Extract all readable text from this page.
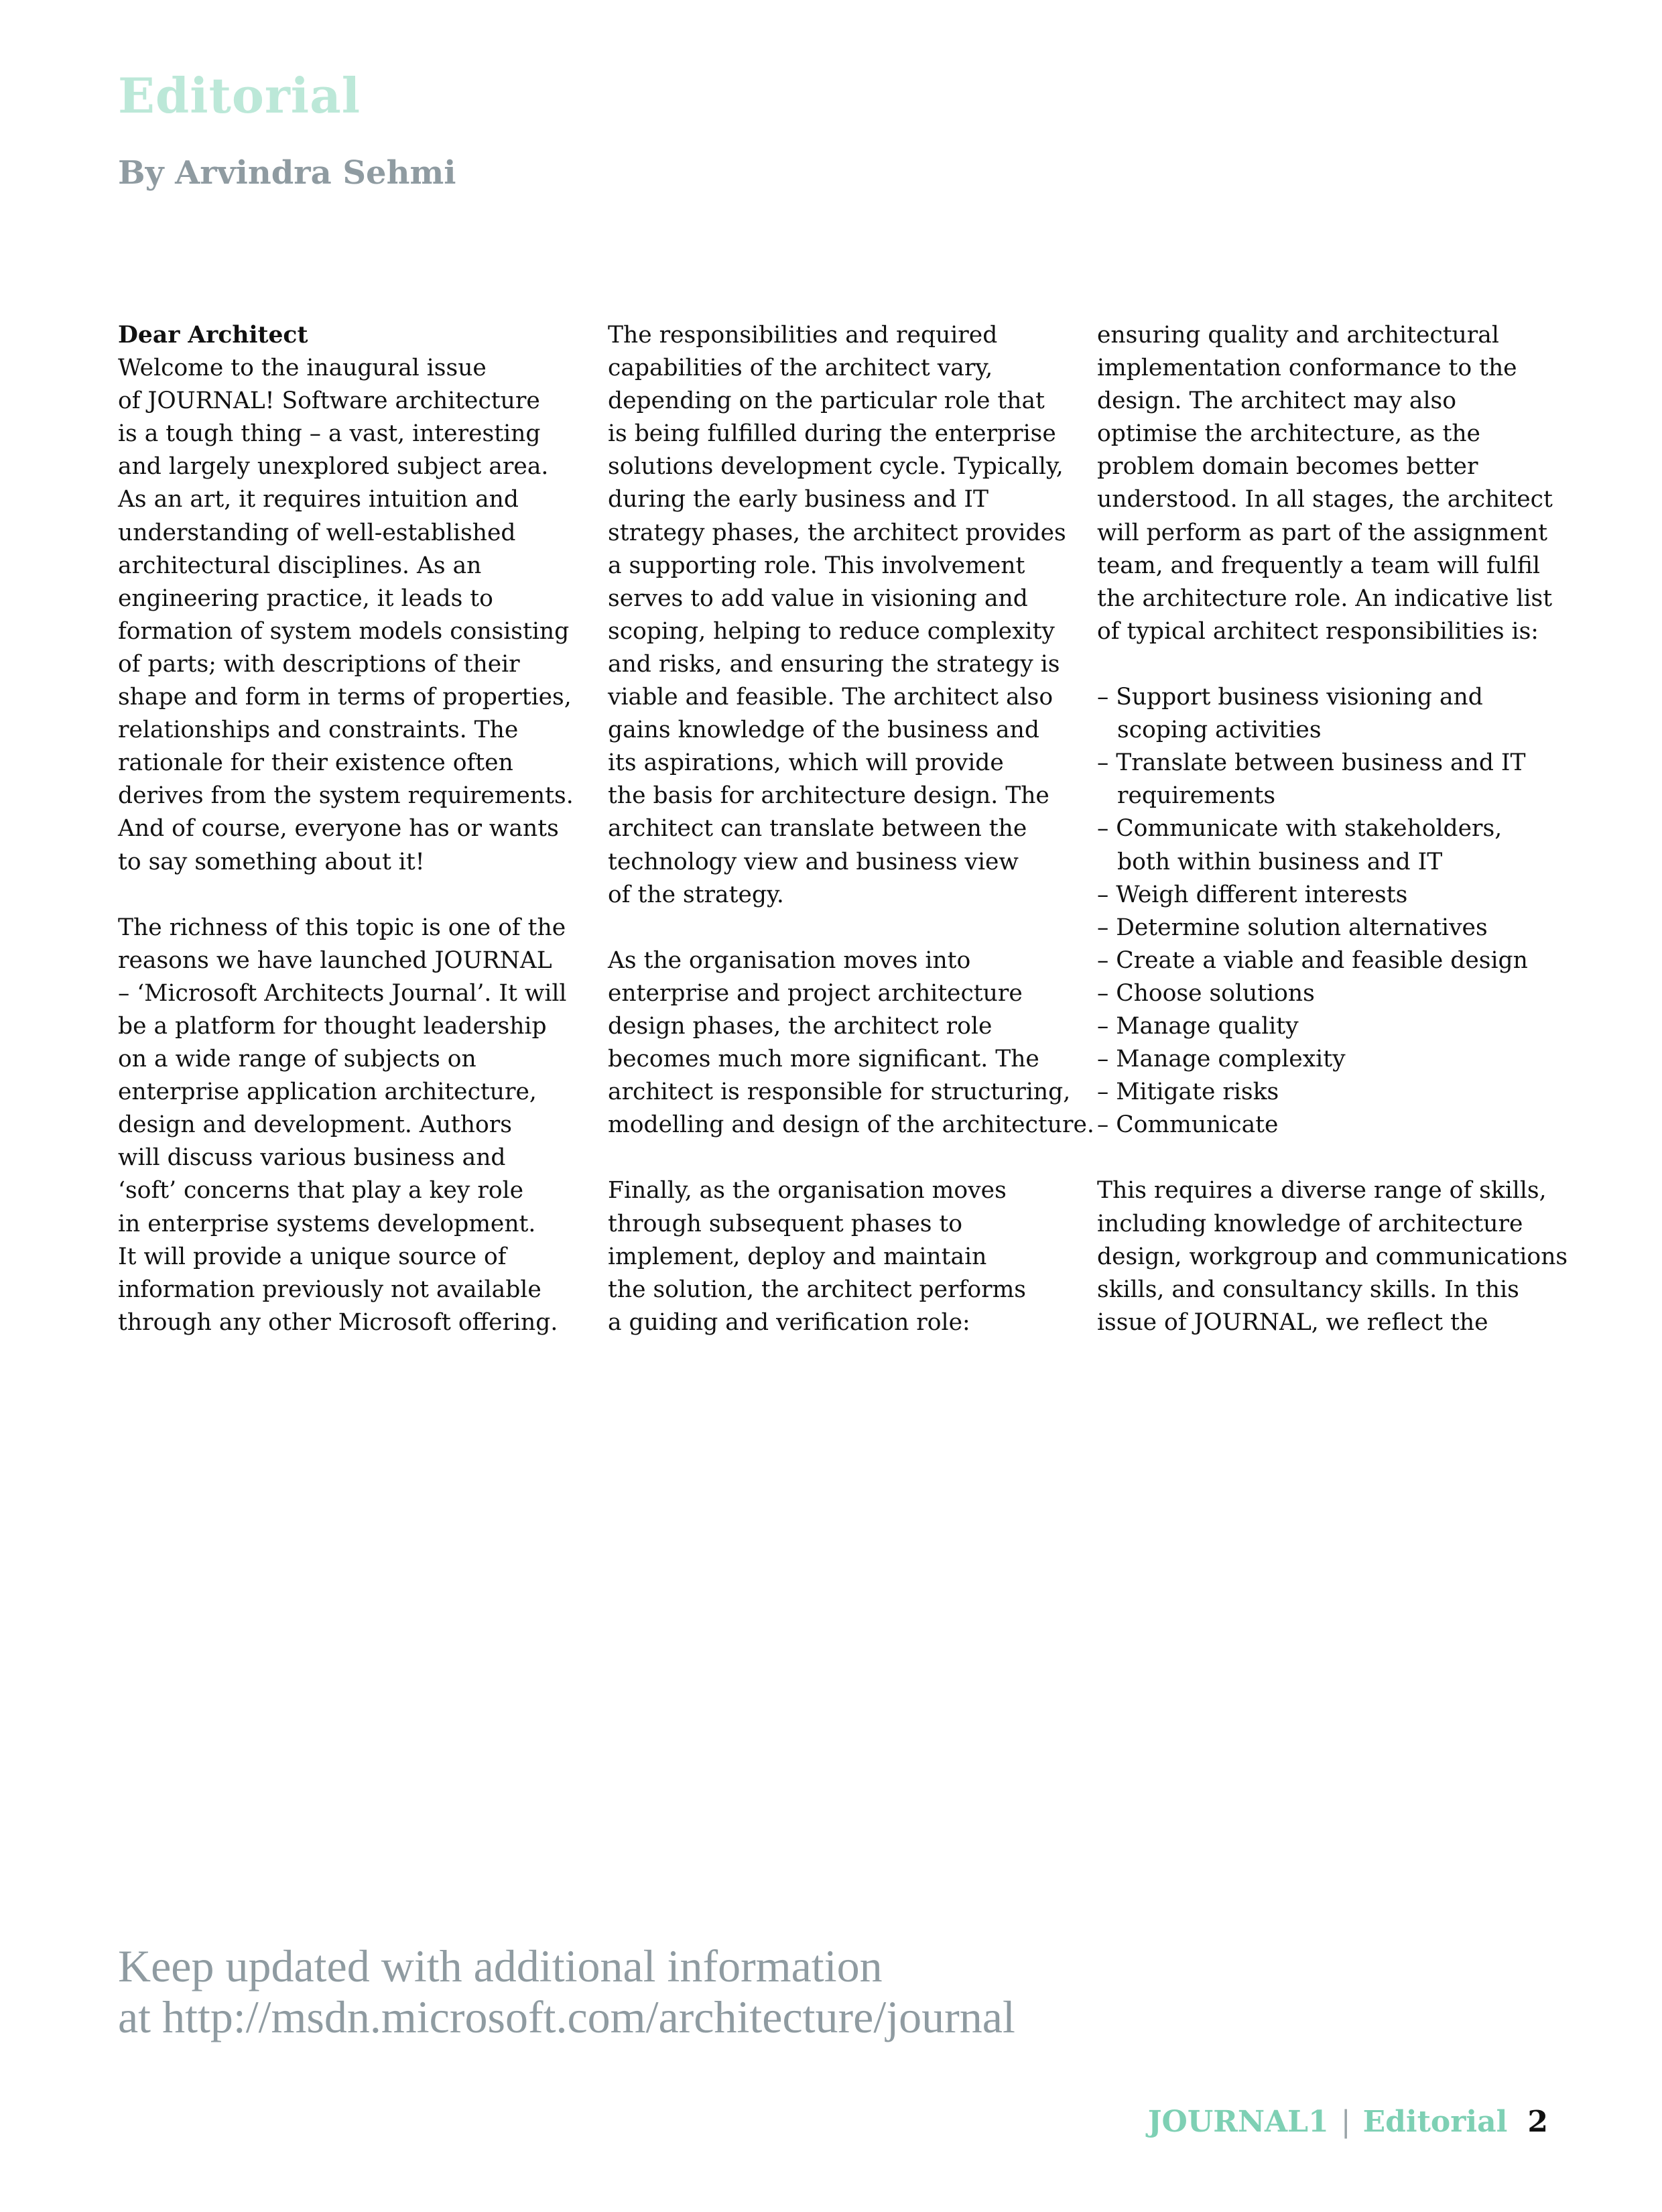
Editorial
By Arvindra Sehmi
Dear Architect
Welcome to the inaugural issue
of JOURNAL! Software architecture
is a tough thing – a vast, interesting
and largely unexplored subject area.
As an art, it requires intuition and
understanding of well-established
architectural disciplines. As an
engineering practice, it leads to
formation of system models consisting
of parts; with descriptions of their
shape and form in terms of properties,
relationships and constraints. The
rationale for their existence often
derives from the system requirements.
And of course, everyone has or wants
to say something about it!
The richness of this topic is one of the
reasons we have launched JOURNAL
– ‘Microsoft Architects Journal’. It will
be a platform for thought leadership
on a wide range of subjects on
enterprise application architecture,
design and development. Authors
will discuss various business and
‘soft’ concerns that play a key role
in enterprise systems development.
It will provide a unique source of
information previously not available
through any other Microsoft offering.
The responsibilities and required
capabilities of the architect vary,
depending on the particular role that
is being fulfilled during the enterprise
solutions development cycle. Typically,
during the early business and IT
strategy phases, the architect provides
a supporting role. This involvement
serves to add value in visioning and
scoping, helping to reduce complexity
and risks, and ensuring the strategy is
viable and feasible. The architect also
gains knowledge of the business and
its aspirations, which will provide
the basis for architecture design. The
architect can translate between the
technology view and business view
of the strategy.
As the organisation moves into
enterprise and project architecture
design phases, the architect role
becomes much more significant. The
architect is responsible for structuring,
modelling and design of the architecture.
Finally, as the organisation moves
through subsequent phases to
implement, deploy and maintain
the solution, the architect performs
a guiding and verification role:
ensuring quality and architectural
implementation conformance to the
design. The architect may also
optimise the architecture, as the
problem domain becomes better
understood. In all stages, the architect
will perform as part of the assignment
team, and frequently a team will fulfil
the architecture role. An indicative list
of typical architect responsibilities is:
– Support business visioning and
scoping activities
– Translate between business and IT
requirements
– Communicate with stakeholders,
both within business and IT
– Weigh different interests
– Determine solution alternatives
– Create a viable and feasible design
– Choose solutions
– Manage quality
– Manage complexity
– Mitigate risks
– Communicate
This requires a diverse range of skills,
including knowledge of architecture
design, workgroup and communications
skills, and consultancy skills. In this
issue of JOURNAL, we reflect the
Keep updated with additional information
at http://msdn.microsoft.com/architecture/journal
JOURNAL1 | Editorial 2
